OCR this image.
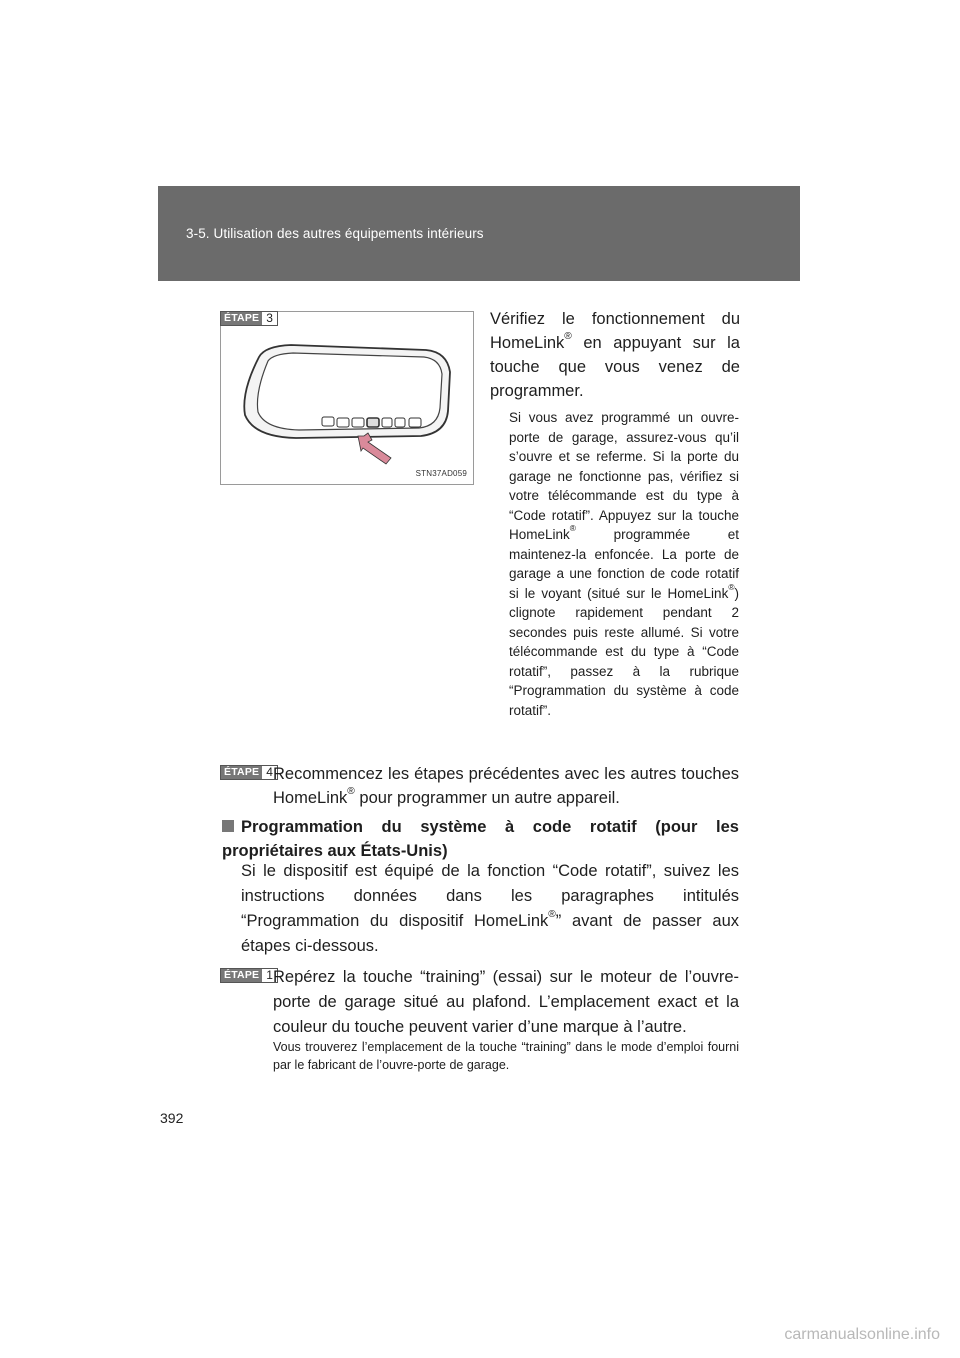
3-5. Utilisation des autres équipements intérieurs
ÉTAPE 3
STN37AD059
Vérifiez le fonctionnement du HomeLink® en appuyant sur la touche que vous venez de programmer.
Si vous avez programmé un ouvre-porte de garage, assurez-vous qu’il s’ouvre et se referme. Si la porte du garage ne fonctionne pas, vérifiez si votre télécommande est du type à “Code rotatif”. Appuyez sur la touche HomeLink® programmée et maintenez-la enfoncée. La porte de garage a une fonction de code rotatif si le voyant (situé sur le HomeLink®) clignote rapidement pendant 2 secondes puis reste allumé. Si votre télécommande est du type à “Code rotatif”, passez à la rubrique “Programmation du système à code rotatif”.
ÉTAPE 4 Recommencez les étapes précédentes avec les autres touches HomeLink® pour programmer un autre appareil.
Programmation du système à code rotatif (pour les propriétaires aux États-Unis)
Si le dispositif est équipé de la fonction “Code rotatif”, suivez les instructions données dans les paragraphes intitulés “Programmation du dispositif HomeLink®” avant de passer aux étapes ci-dessous.
ÉTAPE 1 Repérez la touche “training” (essai) sur le moteur de l’ouvre-porte de garage situé au plafond. L’emplacement exact et la couleur du touche peuvent varier d’une marque à l’autre.
Vous trouverez l’emplacement de la touche “training” dans le mode d’emploi fourni par le fabricant de l’ouvre-porte de garage.
392
carmanualsonline.info
